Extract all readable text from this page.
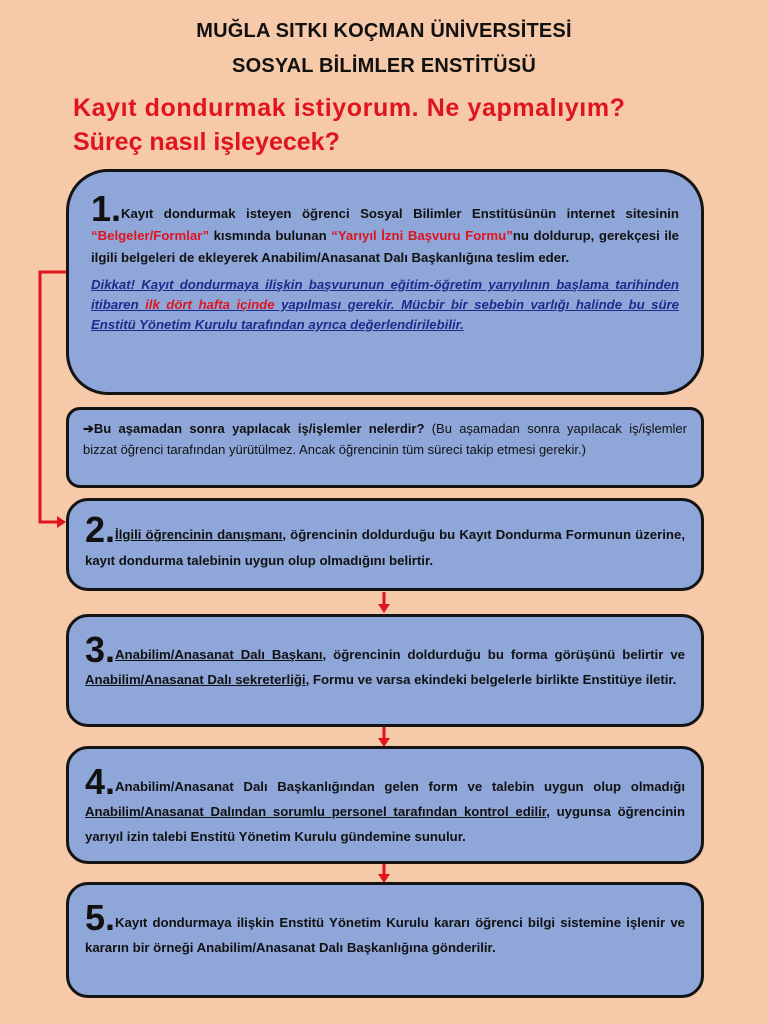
MUĞLA SITKI KOÇMAN ÜNİVERSİTESİ
SOSYAL BİLİMLER ENSTİTÜSÜ
Kayıt dondurmak istiyorum. Ne yapmalıyım?
Süreç nasıl işleyecek?
1.Kayıt dondurmak isteyen öğrenci Sosyal Bilimler Enstitüsünün internet sitesinin “Belgeler/Formlar” kısmında bulunan “Yarıyıl İzni Başvuru Formu”nu doldurup, gerekçesi ile ilgili belgeleri de ekleyerek Anabilim/Anasanat Dalı Başkanlığına teslim eder.
Dikkat! Kayıt dondurmaya ilişkin başvurunun eğitim-öğretim yarıyılının başlama tarihinden itibaren ilk dört hafta içinde yapılması gerekir. Mücbir bir sebebin varlığı halinde bu süre Enstitü Yönetim Kurulu tarafından ayrıca değerlendirilebilir.
➔Bu aşamadan sonra yapılacak iş/işlemler nelerdir? (Bu aşamadan sonra yapılacak iş/işlemler bizzat öğrenci tarafından yürütülmez. Ancak öğrencinin tüm süreci takip etmesi gerekir.)
2.İlgili öğrencinin danışmanı, öğrencinin doldurduğu bu Kayıt Dondurma Formunun üzerine, kayıt dondurma talebinin uygun olup olmadığını belirtir.
3.Anabilim/Anasanat Dalı Başkanı, öğrencinin doldurduğu bu forma görüşünü belirtir ve Anabilim/Anasanat Dalı sekreterliği, Formu ve varsa ekindeki belgelerle birlikte Enstitüye iletir.
4.Anabilim/Anasanat Dalı Başkanlığından gelen form ve talebin uygun olup olmadığı Anabilim/Anasanat Dalından sorumlu personel tarafından kontrol edilir, uygunsa öğrencinin yarıyıl izin talebi Enstitü Yönetim Kurulu gündemine sunulur.
5.Kayıt dondurmaya ilişkin Enstitü Yönetim Kurulu kararı öğrenci bilgi sistemine işlenir ve kararın bir örneği Anabilim/Anasanat Dalı Başkanlığına gönderilir.
